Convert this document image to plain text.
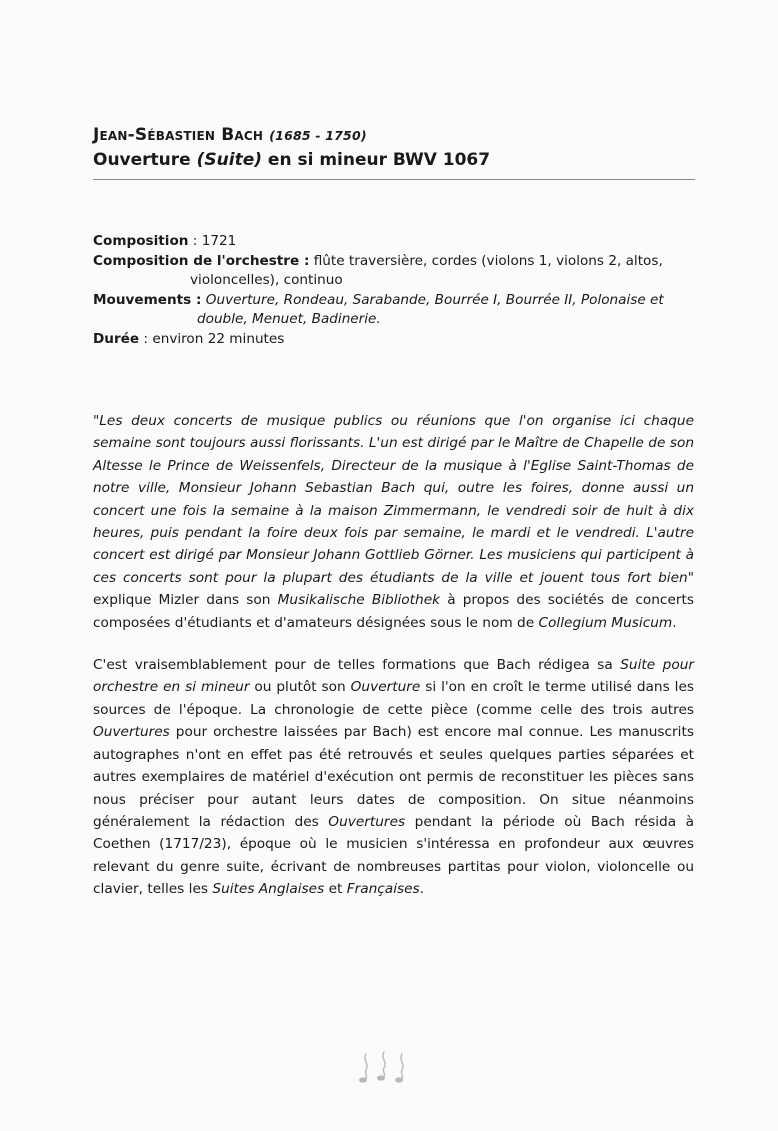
Jean-Sébastien Bach (1685 - 1750)

Ouverture (Suite) en si mineur BWV 1067

Composition : 1721

Composition de l'orchestre : flûte traversière, cordes (violons 1, violons 2, altos,

violoncelles), continuo

Mouvements : Ouverture, Rondeau, Sarabande, Bourrée I, Bourrée II, Polonaise et

double, Menuet, Badinerie.

Durée : environ 22 minutes

"Les deux concerts de musique publics ou réunions que l'on organise ici chaque semaine sont toujours aussi florissants. L'un est dirigé par le Maître de Chapelle de son Altesse le Prince de Weissenfels, Directeur de la musique à l'Eglise Saint-Thomas de notre ville, Monsieur Johann Sebastian Bach qui, outre les foires, donne aussi un concert une fois la semaine à la maison Zimmermann, le vendredi soir de huit à dix heures, puis pendant la foire deux fois par semaine, le mardi et le vendredi. L'autre concert est dirigé par Monsieur Johann Gottlieb Görner. Les musiciens qui participent à ces concerts sont pour la plupart des étudiants de la ville et jouent tous fort bien" explique Mizler dans son Musikalische Bibliothek à propos des sociétés de concerts composées d'étudiants et d'amateurs désignées sous le nom de Collegium Musicum.

C'est vraisemblablement pour de telles formations que Bach rédigea sa Suite pour orchestre en si mineur ou plutôt son Ouverture si l'on en croît le terme utilisé dans les sources de l'époque. La chronologie de cette pièce (comme celle des trois autres Ouvertures pour orchestre laissées par Bach) est encore mal connue. Les manuscrits autographes n'ont en effet pas été retrouvés et seules quelques parties séparées et autres exemplaires de matériel d'exécution ont permis de reconstituer les pièces sans nous préciser pour autant leurs dates de composition. On situe néanmoins généralement la rédaction des Ouvertures pendant la période où Bach résida à Coethen (1717/23), époque où le musicien s'intéressa en profondeur aux œuvres relevant du genre suite, écrivant de nombreuses partitas pour violon, violoncelle ou clavier, telles les Suites Anglaises et Françaises.
